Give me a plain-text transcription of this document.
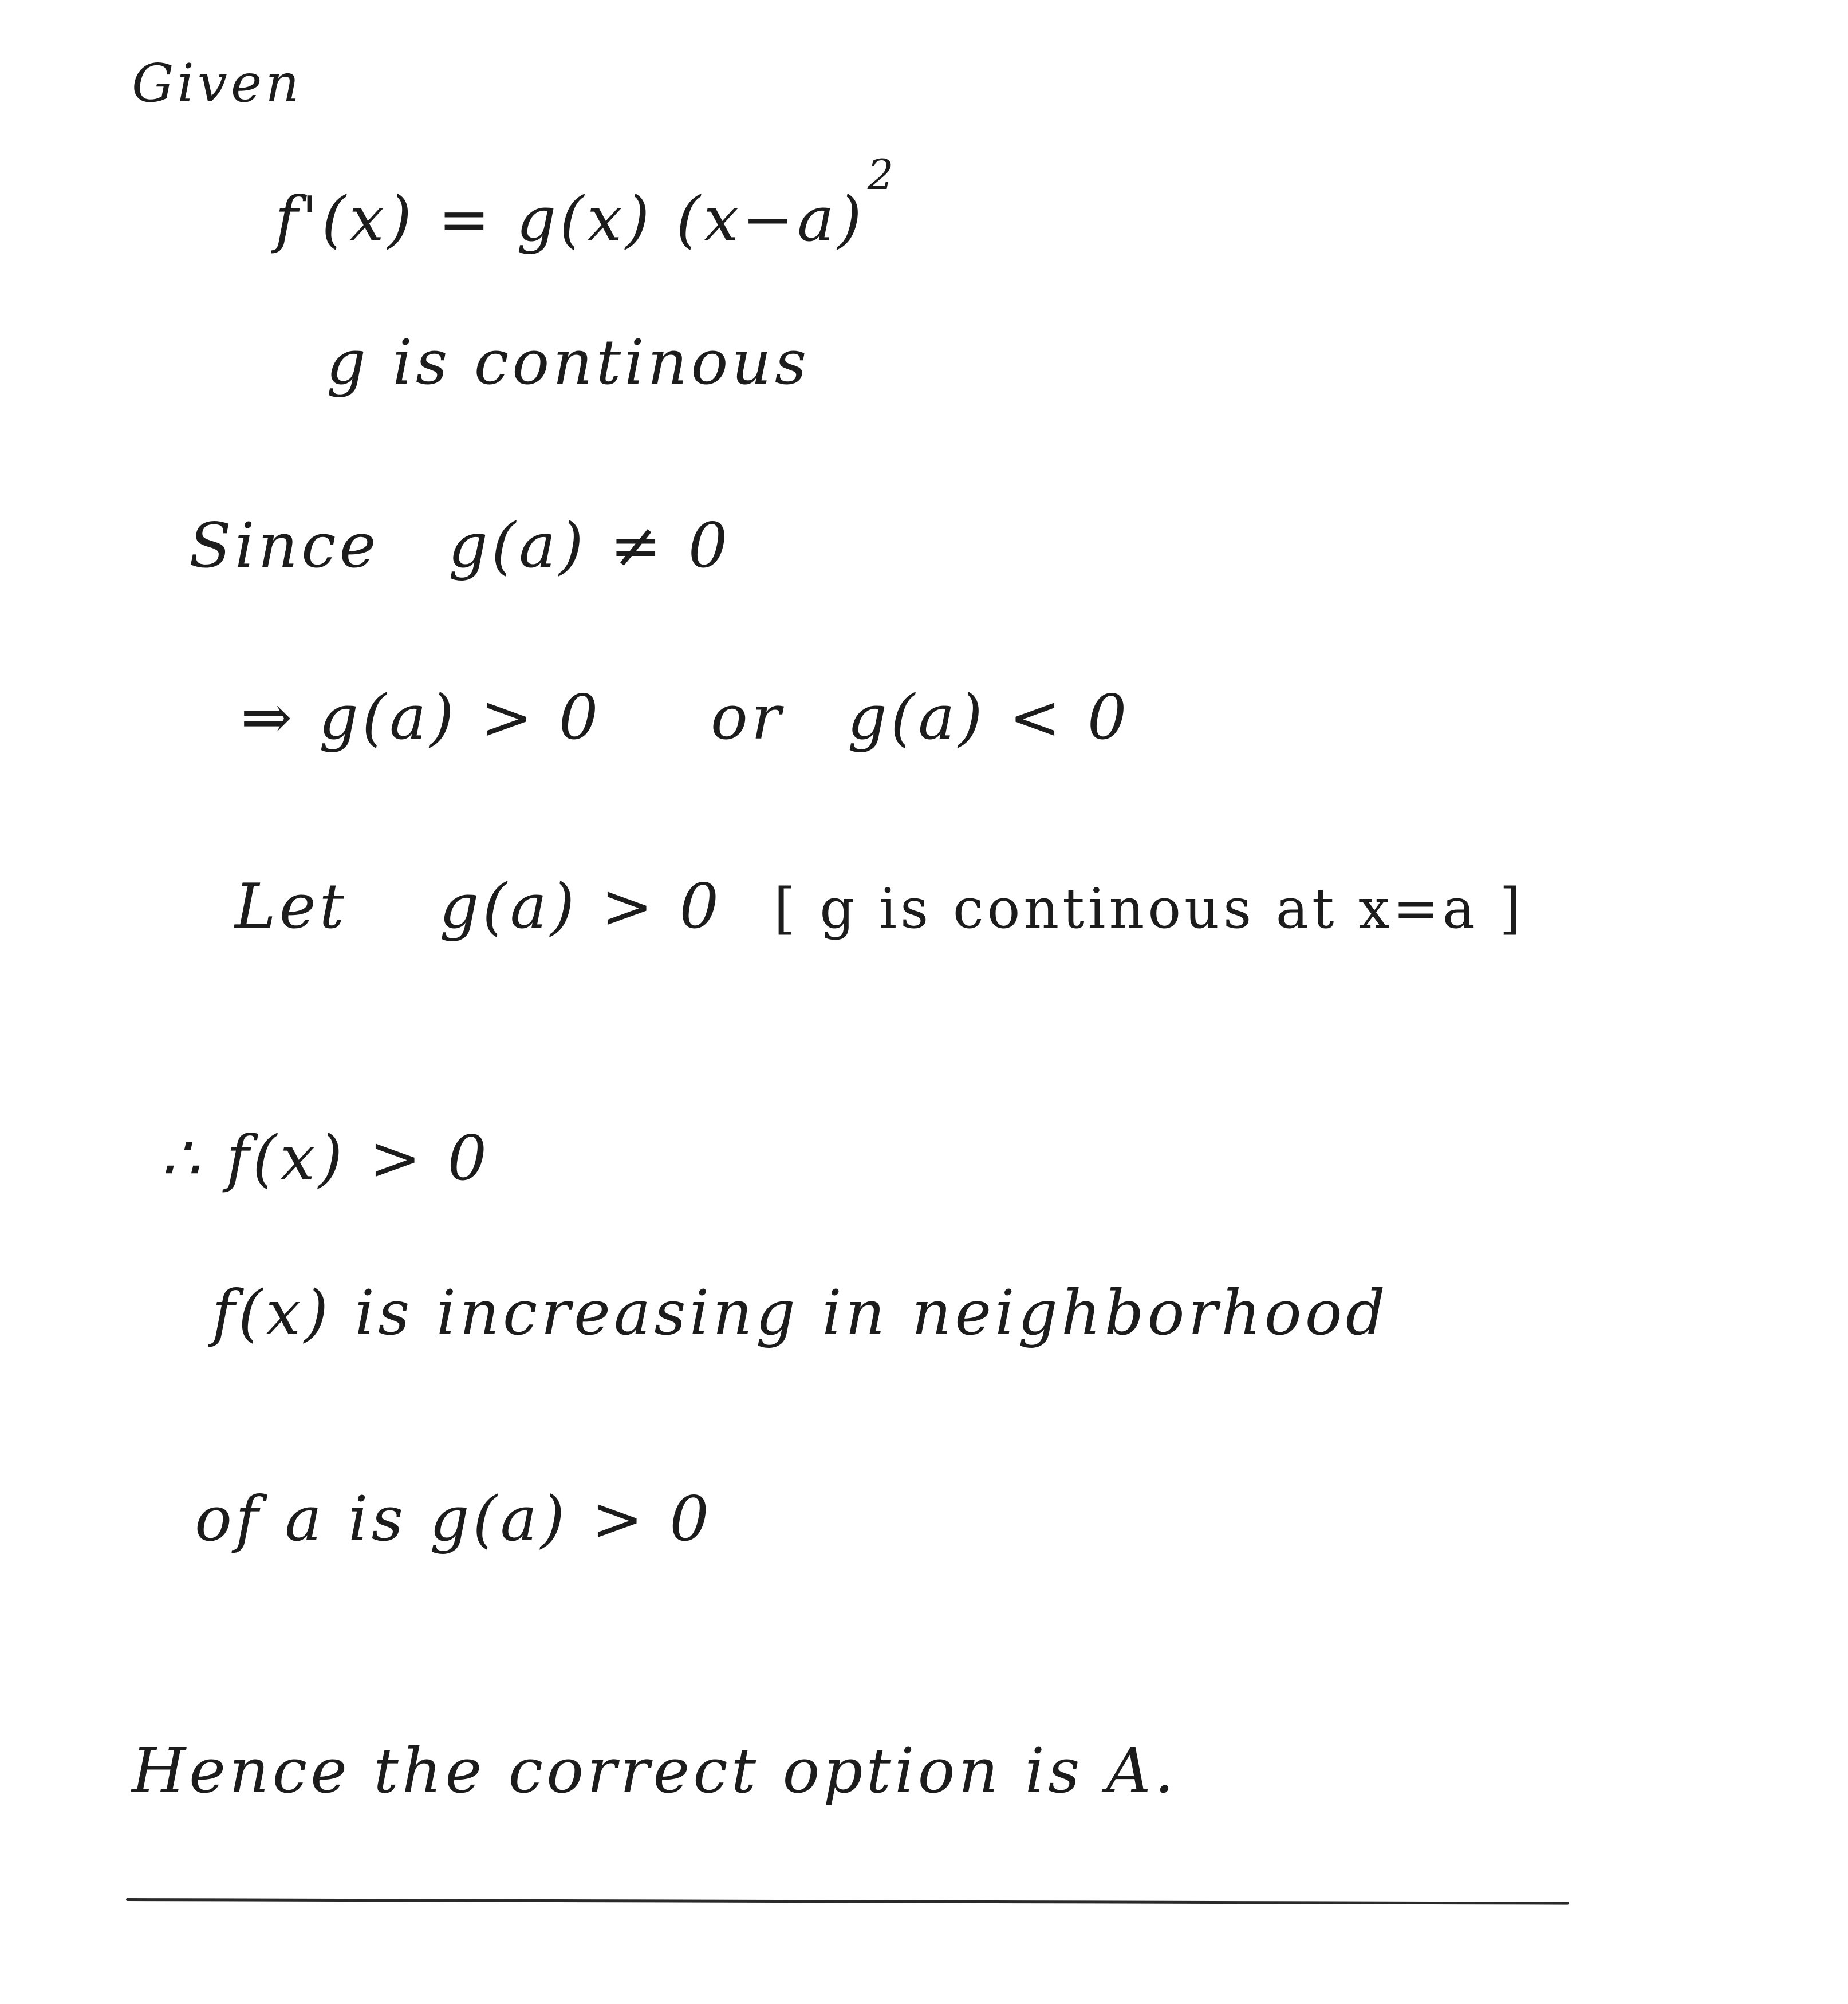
Given
f'(x) = g(x) $(x-a)^2$
g is continous
Since g(a) ≠ 0
⇒ g(a) > 0 or g(a) < 0
Let g(a) > 0 [ g is continous at x=a ]
∴ f(x) > 0
f(x) is increasing in neighborhood
of a is g(a) > 0
Hence the correct option is A.
